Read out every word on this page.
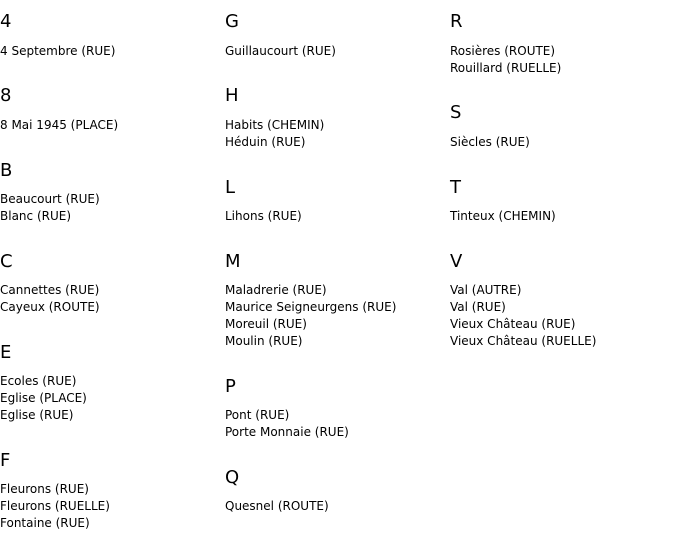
4
4 Septembre (RUE)
8
8 Mai 1945 (PLACE)
B
Beaucourt (RUE)
Blanc (RUE)
C
Cannettes (RUE)
Cayeux (ROUTE)
E
Ecoles (RUE)
Eglise (PLACE)
Eglise (RUE)
F
Fleurons (RUE)
Fleurons (RUELLE)
Fontaine (RUE)
G
Guillaucourt (RUE)
H
Habits (CHEMIN)
Héduin (RUE)
L
Lihons (RUE)
M
Maladrerie (RUE)
Maurice Seigneurgens (RUE)
Moreuil (RUE)
Moulin (RUE)
P
Pont (RUE)
Porte Monnaie (RUE)
Q
Quesnel (ROUTE)
R
Rosières (ROUTE)
Rouillard (RUELLE)
S
Siècles (RUE)
T
Tinteux (CHEMIN)
V
Val (AUTRE)
Val (RUE)
Vieux Château (RUE)
Vieux Château (RUELLE)
